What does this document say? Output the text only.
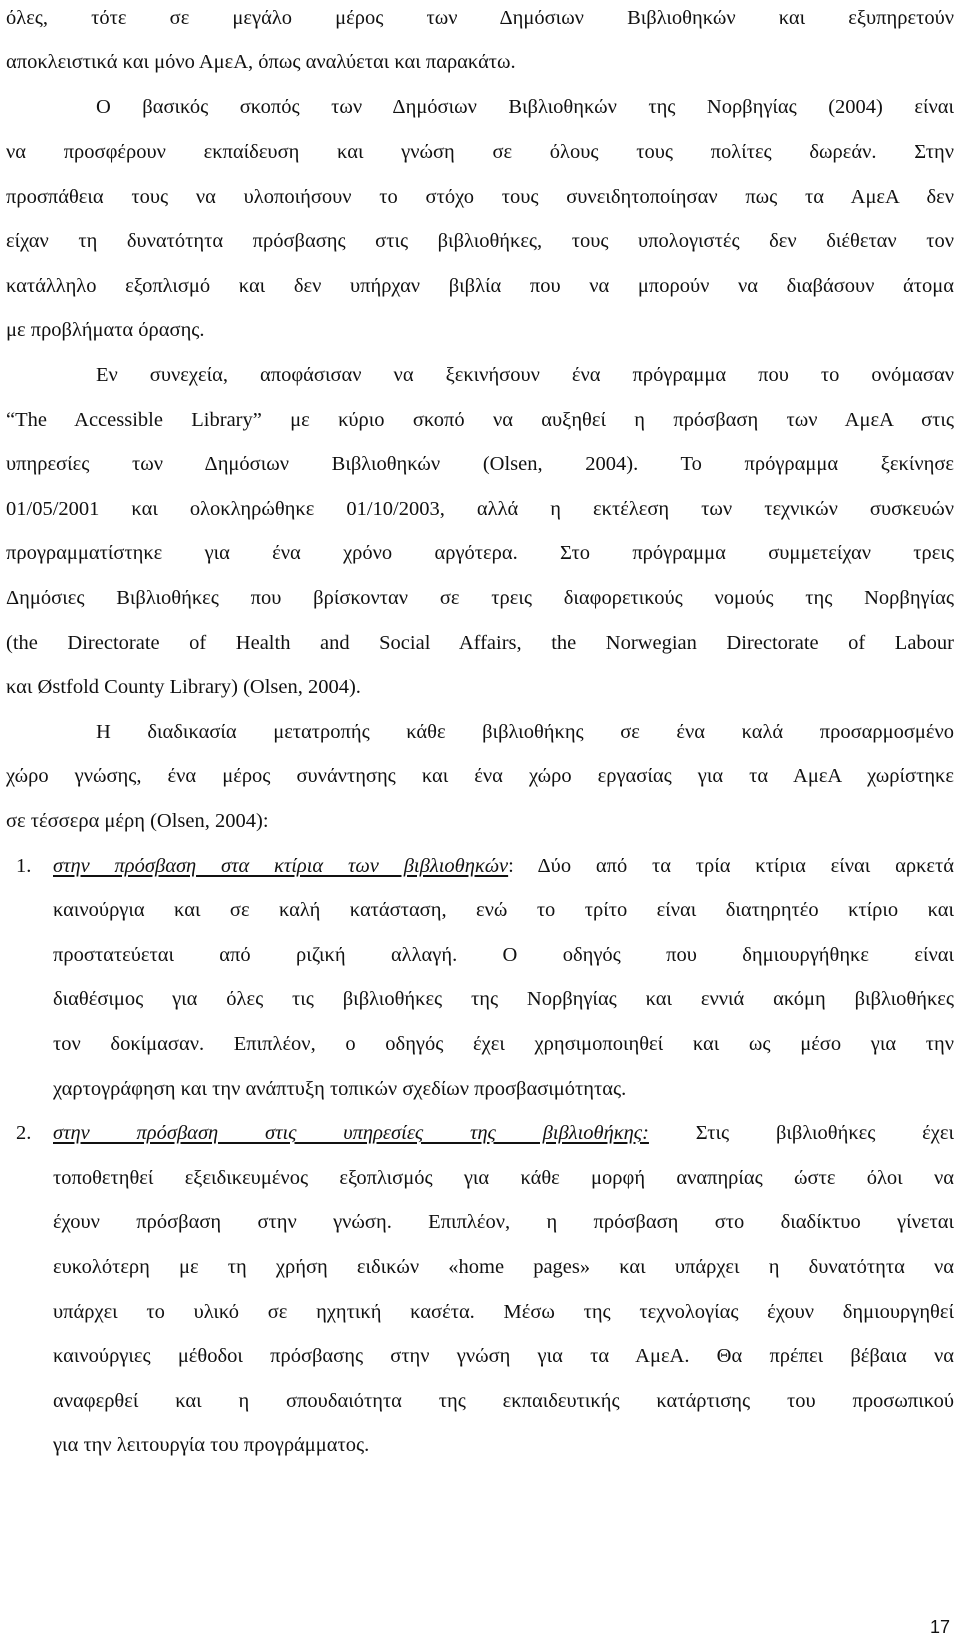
όλες, τότε σε μεγάλο μέρος των Δημόσιων Βιβλιοθηκών και εξυπηρετούν
αποκλειστικά και μόνο ΑμεΑ, όπως αναλύεται και παρακάτω.
Ο βασικός σκοπός των Δημόσιων Βιβλιοθηκών της Νορβηγίας (2004) είναι
να προσφέρουν εκπαίδευση και γνώση σε όλους τους πολίτες δωρεάν. Στην
προσπάθεια τους να υλοποιήσουν το στόχο τους συνειδητοποίησαν πως τα ΑμεΑ δεν
είχαν τη δυνατότητα πρόσβασης στις βιβλιοθήκες, τους υπολογιστές δεν διέθεταν τον
κατάλληλο εξοπλισμό και δεν υπήρχαν βιβλία που να μπορούν να διαβάσουν άτομα
με προβλήματα όρασης.
Εν συνεχεία, αποφάσισαν να ξεκινήσουν ένα πρόγραμμα που το ονόμασαν
“The Accessible Library” με κύριο σκοπό να αυξηθεί η πρόσβαση των ΑμεΑ στις
υπηρεσίες των Δημόσιων Βιβλιοθηκών (Olsen, 2004). Το πρόγραμμα ξεκίνησε
01/05/2001 και ολοκληρώθηκε 01/10/2003, αλλά η εκτέλεση των τεχνικών συσκευών
προγραμματίστηκε για ένα χρόνο αργότερα. Στο πρόγραμμα συμμετείχαν τρεις
Δημόσιες Βιβλιοθήκες που βρίσκονταν σε τρεις διαφορετικούς νομούς της Νορβηγίας
(the Directorate of Health and Social Affairs, the Norwegian Directorate of Labour
και Østfold County Library) (Olsen, 2004).
Η διαδικασία μετατροπής κάθε βιβλιοθήκης σε ένα καλά προσαρμοσμένο
χώρο γνώσης, ένα μέρος συνάντησης και ένα χώρο εργασίας για τα ΑμεΑ χωρίστηκε
σε τέσσερα μέρη (Olsen, 2004):
1.	στην πρόσβαση στα κτίρια των βιβλιοθηκών: Δύο από τα τρία κτίρια είναι αρκετά
καινούργια και σε καλή κατάσταση, ενώ το τρίτο είναι διατηρητέο κτίριο και
προστατεύεται από ριζική αλλαγή. Ο οδηγός που δημιουργήθηκε είναι
διαθέσιμος για όλες τις βιβλιοθήκες της Νορβηγίας και εννιά ακόμη βιβλιοθήκες
τον δοκίμασαν. Επιπλέον, ο οδηγός έχει χρησιμοποιηθεί και ως μέσο για την
χαρτογράφηση και την ανάπτυξη τοπικών σχεδίων προσβασιμότητας.
2.	στην πρόσβαση στις υπηρεσίες της βιβλιοθήκης: Στις βιβλιοθήκες έχει
τοποθετηθεί εξειδικευμένος εξοπλισμός για κάθε μορφή αναπηρίας ώστε όλοι να
έχουν πρόσβαση στην γνώση. Επιπλέον, η πρόσβαση στο διαδίκτυο γίνεται
ευκολότερη με τη χρήση ειδικών «home pages» και υπάρχει η δυνατότητα να
υπάρχει το υλικό σε ηχητική κασέτα. Μέσω της τεχνολογίας έχουν δημιουργηθεί
καινούργιες μέθοδοι πρόσβασης στην γνώση για τα ΑμεΑ. Θα πρέπει βέβαια να
αναφερθεί και η σπουδαιότητα της εκπαιδευτικής κατάρτισης του προσωπικού
για την λειτουργία του προγράμματος.
17
